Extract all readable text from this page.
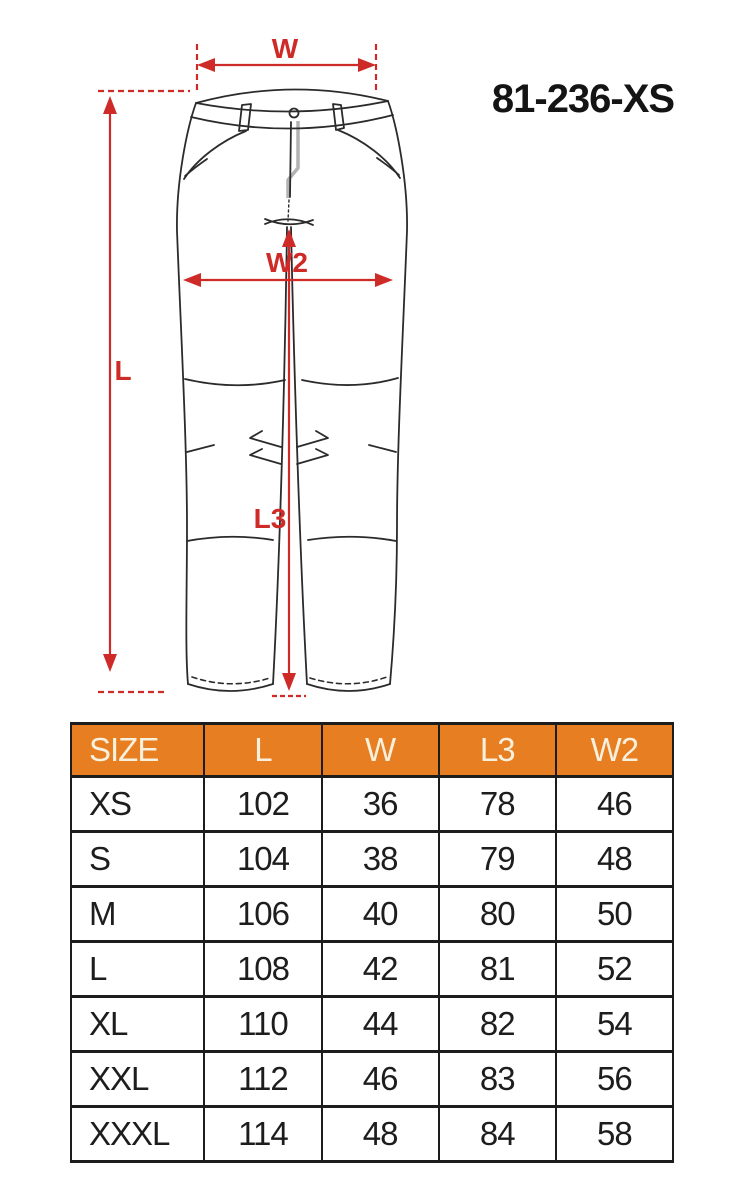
W
L
W2
L3
81-236-XS
SIZE	L	W	L3	W2
XS	102	36	78	46
S	104	38	79	48
M	106	40	80	50
L	108	42	81	52
XL	110	44	82	54
XXL	112	46	83	56
XXXL	114	48	84	58
